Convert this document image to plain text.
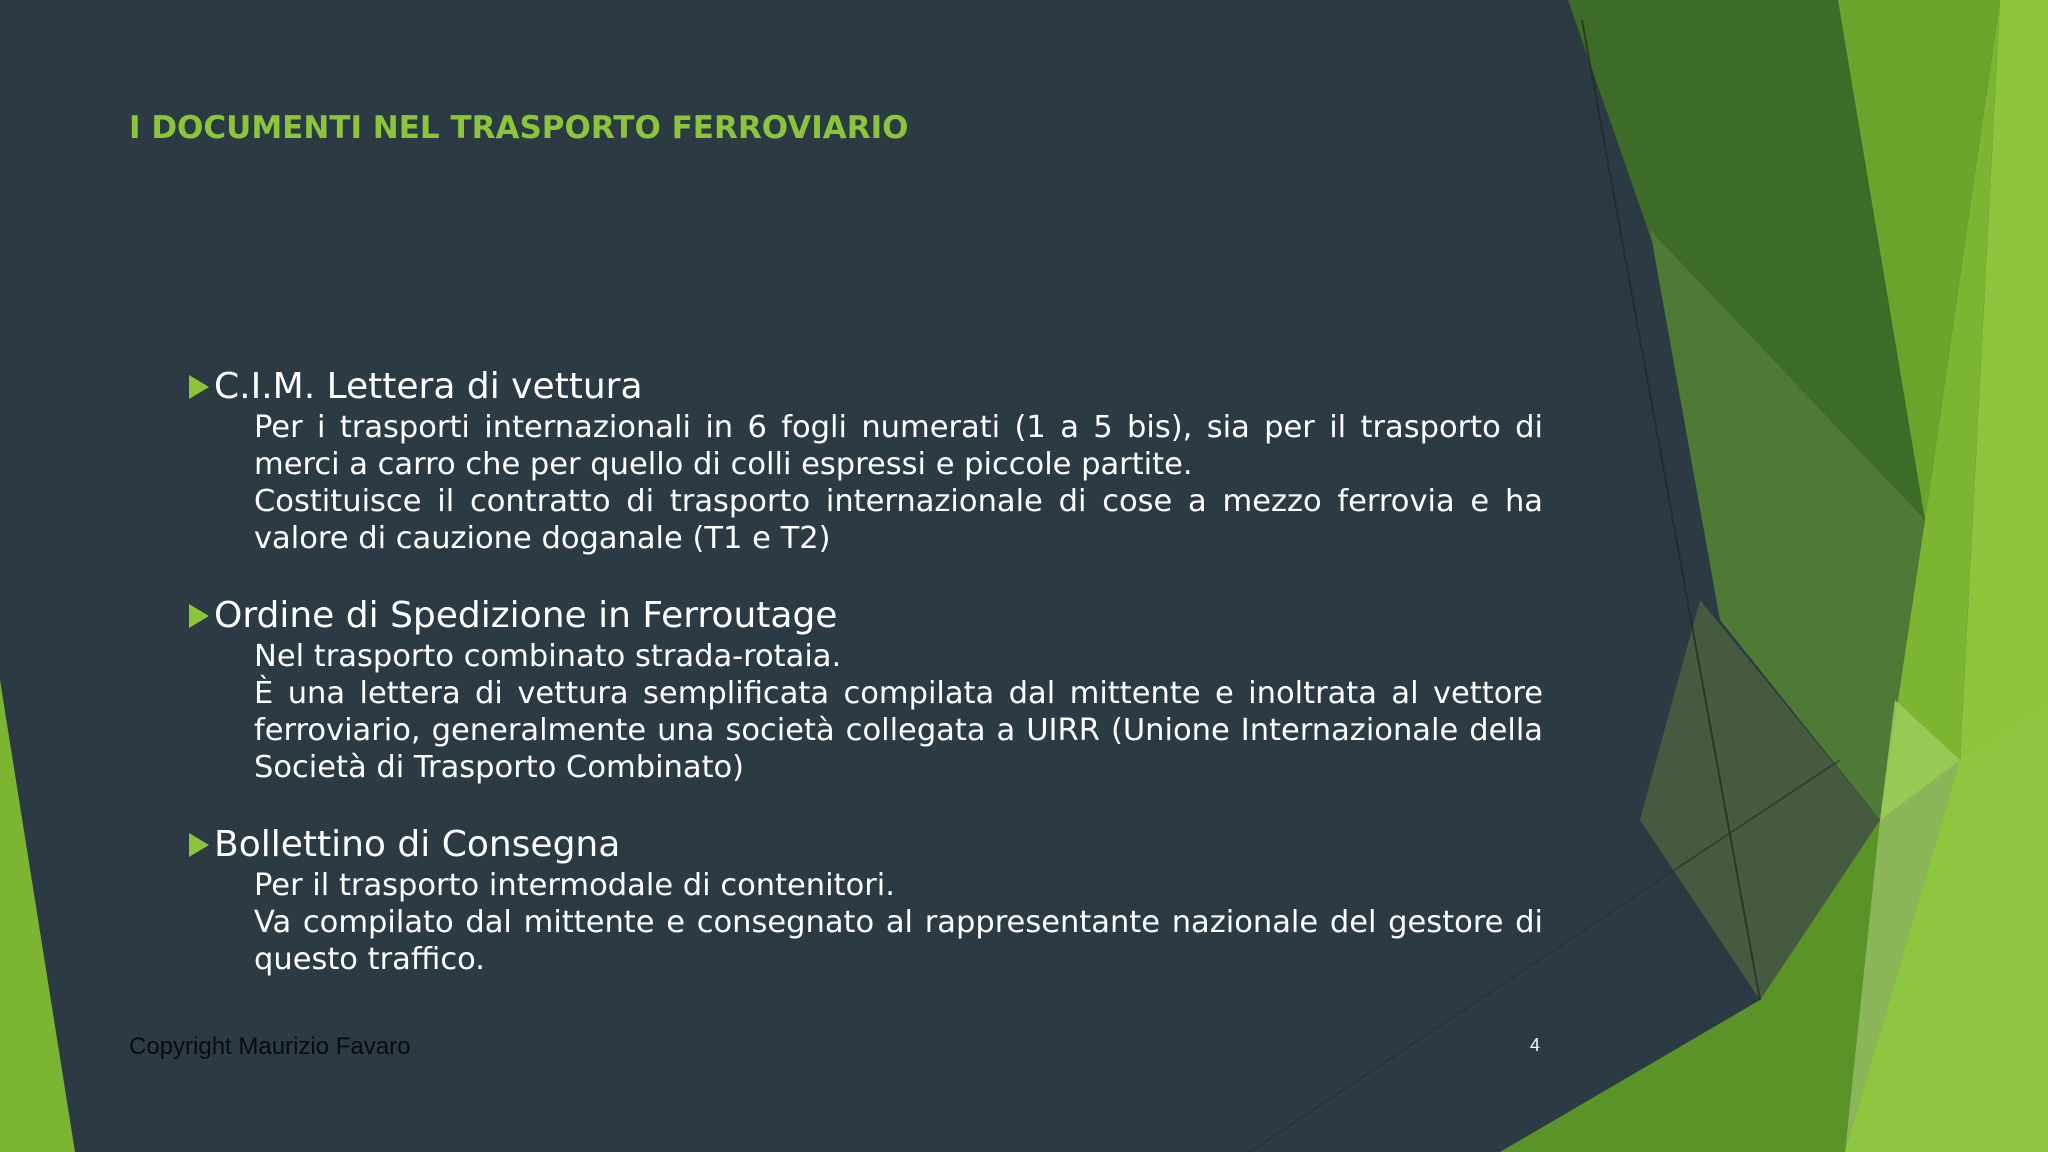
I DOCUMENTI NEL TRASPORTO FERROVIARIO
C.I.M. Lettera di vettura
Per i trasporti internazionali in 6 fogli numerati (1 a 5 bis), sia per il trasporto di merci a carro che per quello di colli espressi e piccole partite.
Costituisce il contratto di trasporto internazionale di cose a mezzo ferrovia e ha valore di cauzione doganale (T1 e T2)
Ordine di Spedizione in Ferroutage
Nel trasporto combinato strada-rotaia.
È una lettera di vettura semplificata compilata dal mittente e inoltrata al vettore ferroviario, generalmente una società collegata a UIRR (Unione Internazionale della Società di Trasporto Combinato)
Bollettino di Consegna
Per il trasporto intermodale di contenitori.
Va compilato dal mittente e consegnato al rappresentante nazionale del gestore di questo traffico.
Copyright Maurizio Favaro	4
